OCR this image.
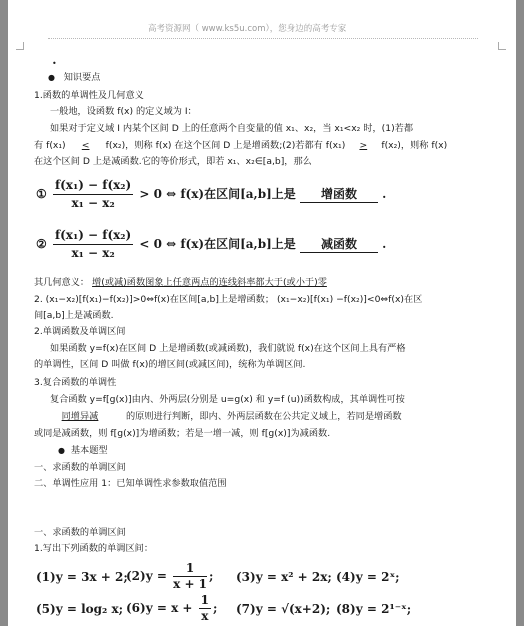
高考资源网（ www.ks5u.com），您身边的高考专家
•
● 知识要点
1.函数的单调性及几何意义
一般地，设函数 f(x) 的定义域为 I：
如果对于定义域 I 内某个区间 D 上的任意两个自变量的值 x₁、x₂，当 x₁<x₂ 时，(1)若都
有 f(x₁) < f(x₂)，则称 f(x) 在这个区间 D 上是增函数;(2)若都有 f(x₁) > f(x₂)，则称 f(x)
在这个区间 D 上是减函数.它的等价形式，即若 x₁、x₂∈[a,b]，那么
① $\frac{\text{f(x₁) − f(x₂)}}{\text{x₁ − x₂}} > 0$ ⇔ f(x)在区间[a,b]上是 增函数 .
② $\frac{\text{f(x₁) − f(x₂)}}{\text{x₁ − x₂}} < 0$ ⇔ f(x)在区间[a,b]上是 减函数 .
其几何意义： 增(或减)函数图象上任意两点的连线斜率都大于(或小于)零
2. (x₁−x₂)[f(x₁)−f(x₂)]>0⇔f(x)在区间[a,b]上是增函数； (x₁−x₂)[f(x₁) −f(x₂)]<0⇔f(x)在区
间[a,b]上是减函数.
2.单调函数及单调区间
如果函数 y=f(x)在区间 D 上是增函数(或减函数)，我们就说 f(x)在这个区间上具有严格
的单调性，区间 D 叫做 f(x)的增区间(或减区间)，统称为单调区间.
3.复合函数的单调性
复合函数 y=f[g(x)]由内、外两层(分别是 u=g(x) 和 y=f (u))函数构成，其单调性可按
同增异减	的原则进行判断，即内、外两层函数在公共定义域上，若同是增函数
或同是减函数，则 f[g(x)]为增函数；若是一增一减，则 f[g(x)]为减函数.
● 基本题型
一、求函数的单调区间
二、单调性应用 1：已知单调性求参数取值范围
一、求函数的单调区间
1.写出下列函数的单调区间：
(1)y = 3x + 2;
$(2)y = \frac{1}{x + 1}$ ; (3)y = x² + 2x; (4)y = 2ˣ;
(5)y = log₂ x; $(6)y = x + \frac{1}{x}$ ; (7)y = √(x+2); (8)y = 2¹⁻ˣ;
